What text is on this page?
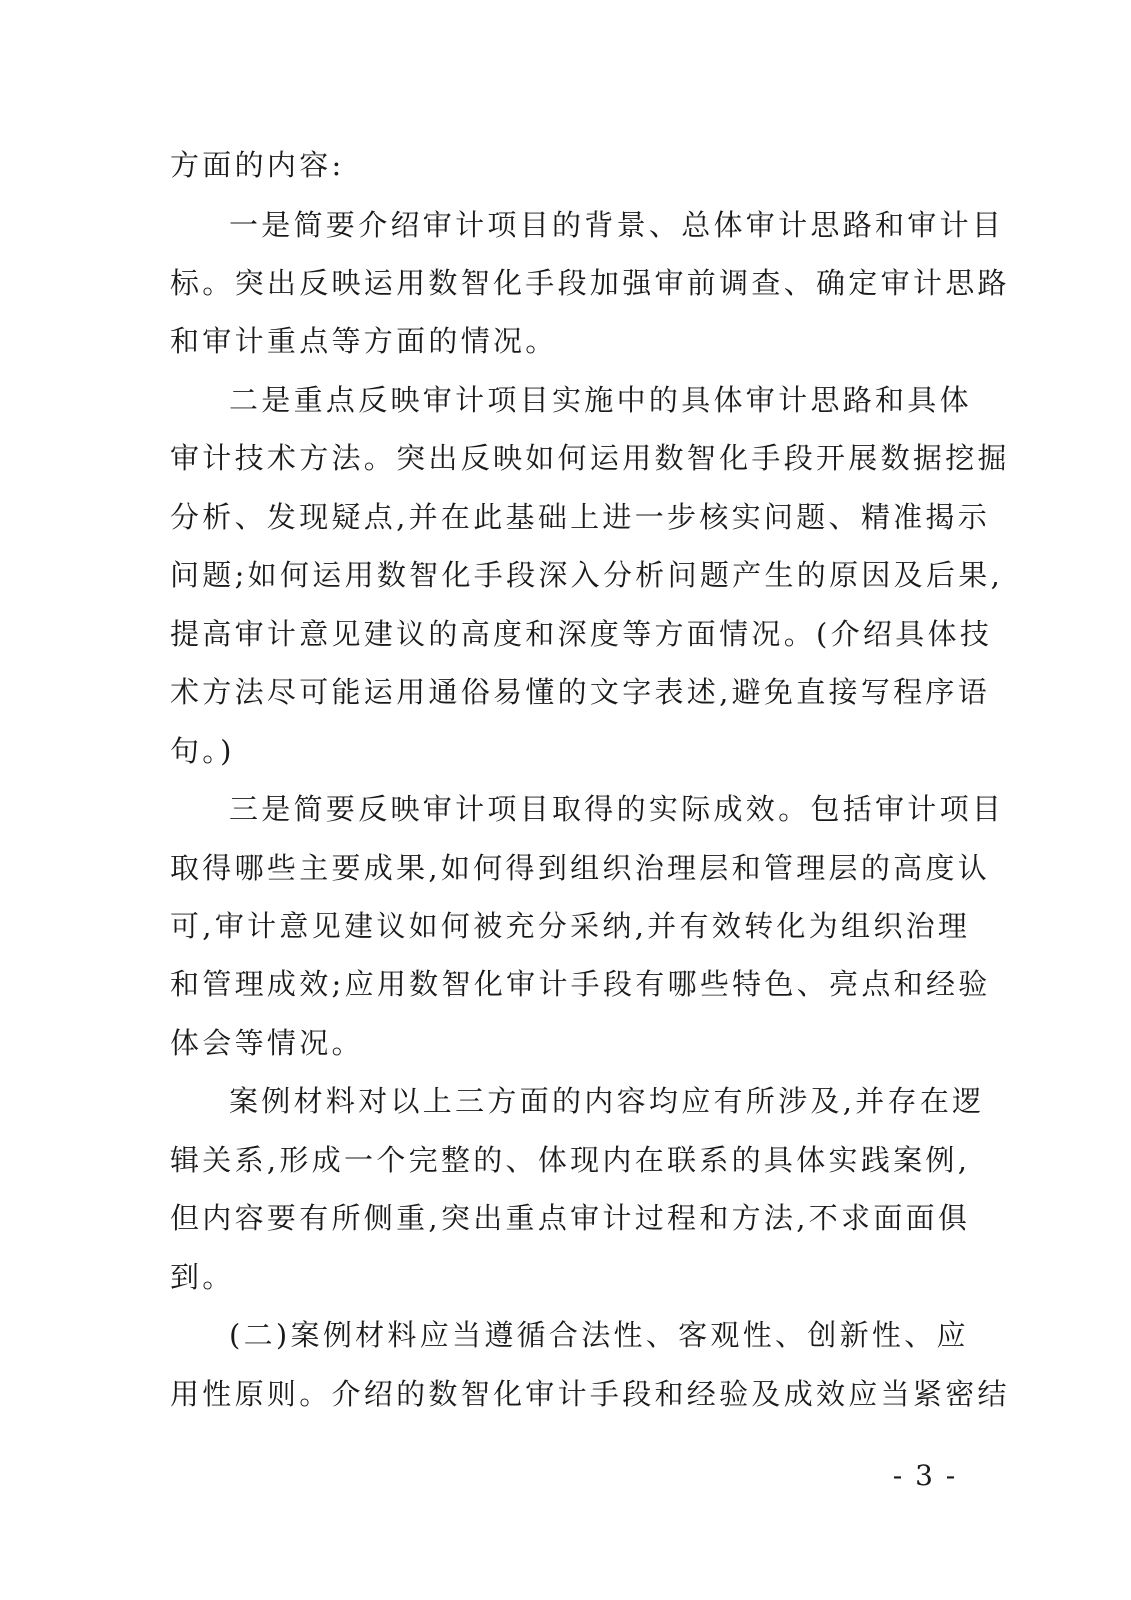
方面的内容:
一是简要介绍审计项目的背景、总体审计思路和审计目
标。突出反映运用数智化手段加强审前调查、确定审计思路
和审计重点等方面的情况。
二是重点反映审计项目实施中的具体审计思路和具体
审计技术方法。突出反映如何运用数智化手段开展数据挖掘
分析、发现疑点,并在此基础上进一步核实问题、精准揭示
问题;如何运用数智化手段深入分析问题产生的原因及后果,
提高审计意见建议的高度和深度等方面情况。(介绍具体技
术方法尽可能运用通俗易懂的文字表述,避免直接写程序语
句。)
三是简要反映审计项目取得的实际成效。包括审计项目
取得哪些主要成果,如何得到组织治理层和管理层的高度认
可,审计意见建议如何被充分采纳,并有效转化为组织治理
和管理成效;应用数智化审计手段有哪些特色、亮点和经验
体会等情况。
案例材料对以上三方面的内容均应有所涉及,并存在逻
辑关系,形成一个完整的、体现内在联系的具体实践案例,
但内容要有所侧重,突出重点审计过程和方法,不求面面俱
到。
(二)案例材料应当遵循合法性、客观性、创新性、应
用性原则。介绍的数智化审计手段和经验及成效应当紧密结
- 3 -
